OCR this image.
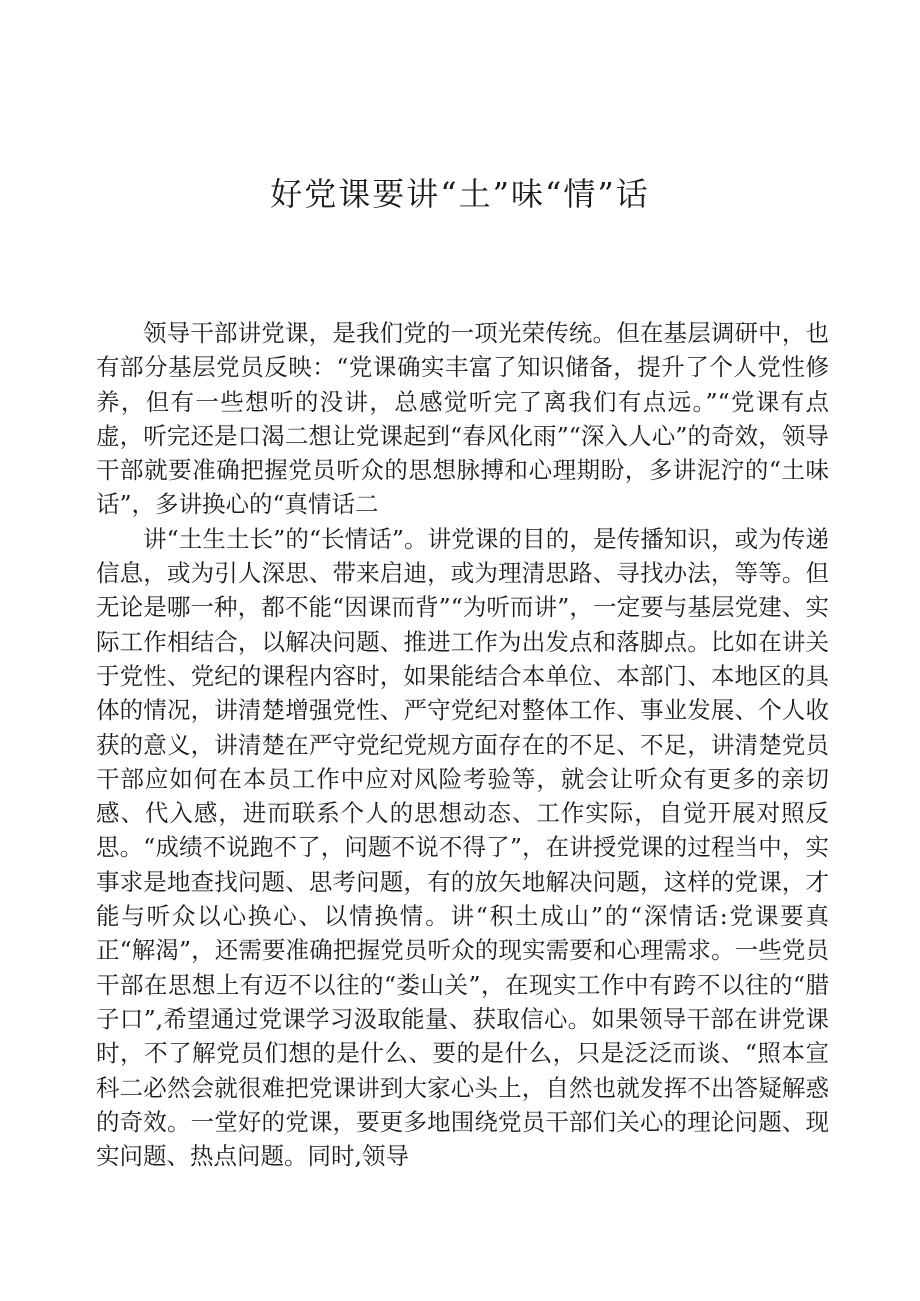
好党课要讲“土”味“情”话

领导干部讲党课，是我们党的一项光荣传统。但在基层调研中，也有部分基层党员反映：“党课确实丰富了知识储备，提升了个人党性修养，但有一些想听的没讲，总感觉听完了离我们有点远。”“党课有点虚，听完还是口渴二想让党课起到“春风化雨”“深入人心”的奇效，领导干部就要准确把握党员听众的思想脉搏和心理期盼，多讲泥泞的“土味话”，多讲换心的“真情话二

讲“土生土长”的“长情话”。讲党课的目的，是传播知识，或为传递信息，或为引人深思、带来启迪，或为理清思路、寻找办法，等等。但无论是哪一种，都不能“因课而背”“为听而讲”，一定要与基层党建、实际工作相结合，以解决问题、推进工作为出发点和落脚点。比如在讲关于党性、党纪的课程内容时，如果能结合本单位、本部门、本地区的具体的情况，讲清楚增强党性、严守党纪对整体工作、事业发展、个人收获的意义，讲清楚在严守党纪党规方面存在的不足、不足，讲清楚党员干部应如何在本员工作中应对风险考验等，就会让听众有更多的亲切感、代入感，进而联系个人的思想动态、工作实际，自觉开展对照反思。“成绩不说跑不了，问题不说不得了”，在讲授党课的过程当中，实事求是地查找问题、思考问题，有的放矢地解决问题，这样的党课，才能与听众以心换心、以情换情。讲“积土成山”的“深情话:党课要真正“解渴”，还需要准确把握党员听众的现实需要和心理需求。一些党员干部在思想上有迈不以往的“娄山关”，在现实工作中有跨不以往的“腊子口”,希望通过党课学习汲取能量、获取信心。如果领导干部在讲党课时，不了解党员们想的是什么、要的是什么，只是泛泛而谈、“照本宣科二必然会就很难把党课讲到大家心头上，自然也就发挥不出答疑解惑的奇效。一堂好的党课，要更多地围绕党员干部们关心的理论问题、现实问题、热点问题。同时,领导
